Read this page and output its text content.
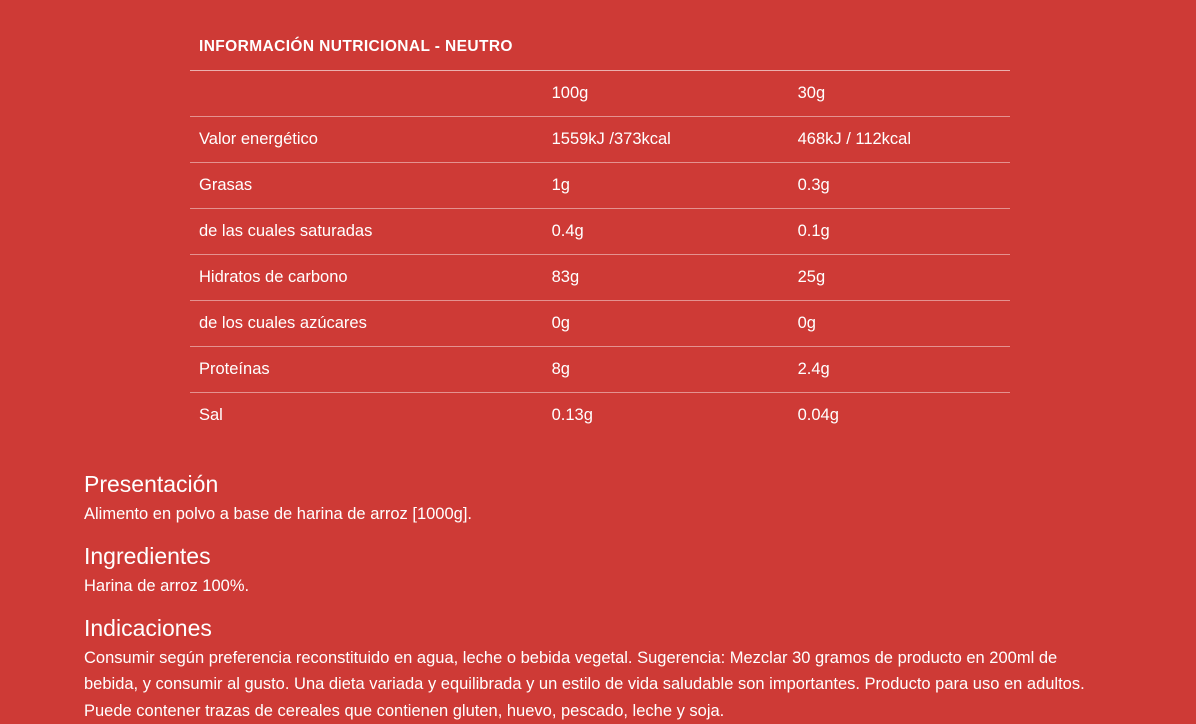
INFORMACIÓN NUTRICIONAL - NEUTRO
	100g	30g
Valor energético	1559kJ /373kcal	468kJ / 112kcal
Grasas	1g	0.3g
de las cuales saturadas	0.4g	0.1g
Hidratos de carbono	83g	25g
de los cuales azúcares	0g	0g
Proteínas	8g	2.4g
Sal	0.13g	0.04g
Presentación

Alimento en polvo a base de harina de arroz [1000g].

Ingredientes

Harina de arroz 100%.

Indicaciones

Consumir según preferencia reconstituido en agua, leche o bebida vegetal. Sugerencia: Mezclar 30 gramos de producto en 200ml de bebida, y consumir al gusto. Una dieta variada y equilibrada y un estilo de vida saludable son importantes. Producto para uso en adultos. Puede contener trazas de cereales que contienen gluten, huevo, pescado, leche y soja.
